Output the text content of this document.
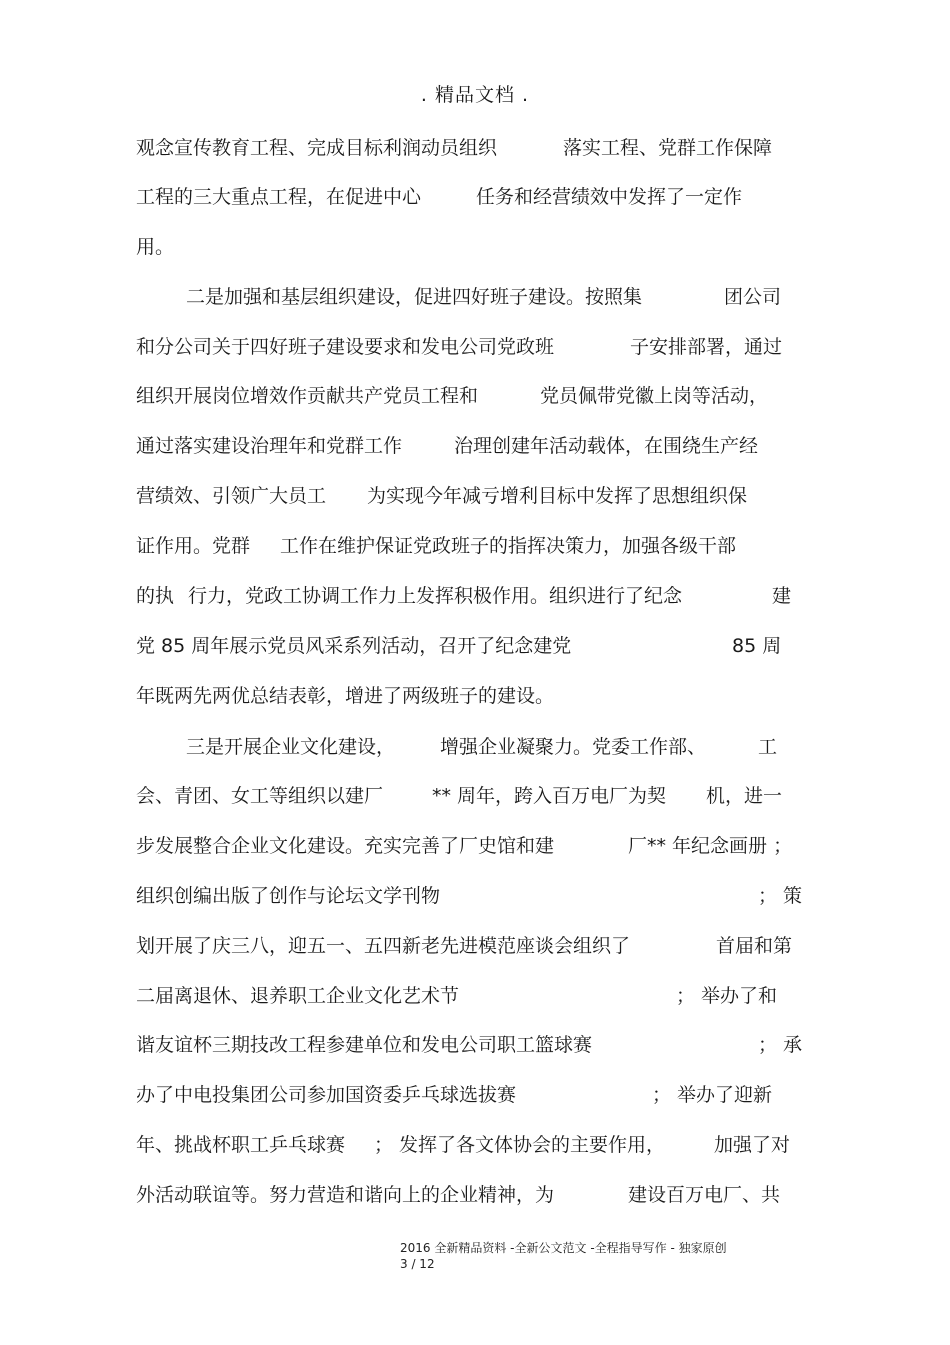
. 精品文档 .
观念宣传教育工程、完成目标利润动员组织	落实工程、党群工作保障
工程的三大重点工程，在促进中心	任务和经营绩效中发挥了一定作
用。
二是加强和基层组织建设，促进四好班子建设。按照集	团公司
和分公司关于四好班子建设要求和发电公司党政班	子安排部署，通过
组织开展岗位增效作贡献共产党员工程和	党员佩带党徽上岗等活动，
通过落实建设治理年和党群工作	治理创建年活动载体，在围绕生产经
营绩效、引领广大员工 为实现今年减亏增利目标中发挥了思想组织保
证作用。党群 工作在维护保证党政班子的指挥决策力，加强各级干部
的执 行力，党政工协调工作力上发挥积极作用。组织进行了纪念	建
党 85 周年展示党员风采系列活动，召开了纪念建党	85 周
年既两先两优总结表彰，增进了两级班子的建设。
三是开展企业文化建设， 增强企业凝聚力。党委工作部、	工
会、青团、女工等组织以建厂	** 周年，跨入百万电厂为契 机，进一
步发展整合企业文化建设。充实完善了厂史馆和建	厂** 年纪念画册 ；
组织创编出版了创作与论坛文学刊物	； 策
划开展了庆三八，迎五一、五四新老先进模范座谈会组织了	首届和第
二届离退休、退养职工企业文化艺术节	； 举办了和
谐友谊杯三期技改工程参建单位和发电公司职工篮球赛	； 承
办了中电投集团公司参加国资委乒乓球选拔赛	； 举办了迎新
年、挑战杯职工乒乓球赛 ； 发挥了各文体协会的主要作用，	加强了对
外活动联谊等。努力营造和谐向上的企业精神，为	建设百万电厂、共
2016 全新精品资料 -全新公文范文 -全程指导写作 - 独家原创
3 / 12
